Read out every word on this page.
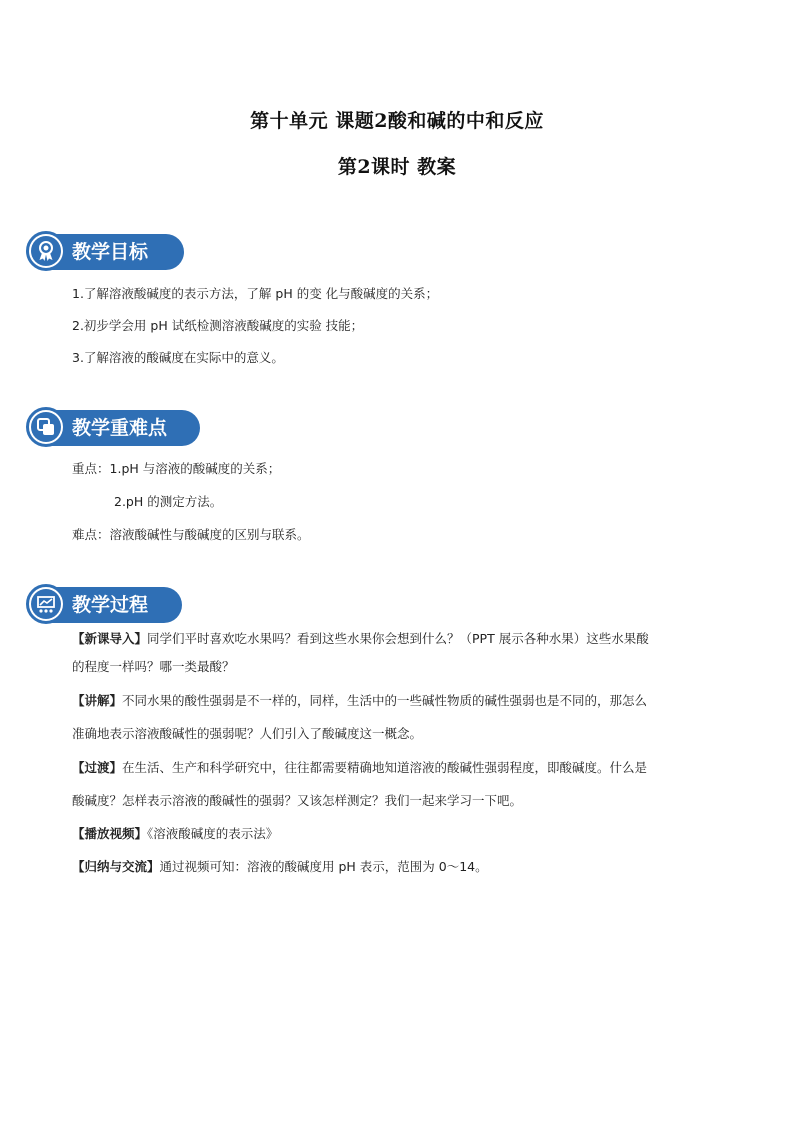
第十单元 课题2酸和碱的中和反应
第2课时 教案
教学目标
1.了解溶液酸碱度的表示方法，了解 pH 的变 化与酸碱度的关系；
2.初步学会用 pH 试纸检测溶液酸碱度的实验 技能；
3.了解溶液的酸碱度在实际中的意义。
教学重难点
重点：1.pH 与溶液的酸碱度的关系；
2.pH 的测定方法。
难点：溶液酸碱性与酸碱度的区别与联系。
教学过程
【新课导入】同学们平时喜欢吃水果吗？看到这些水果你会想到什么？（PPT 展示各种水果）这些水果酸
的程度一样吗？哪一类最酸？
【讲解】不同水果的酸性强弱是不一样的，同样，生活中的一些碱性物质的碱性强弱也是不同的，那怎么
准确地表示溶液酸碱性的强弱呢？人们引入了酸碱度这一概念。
【过渡】在生活、生产和科学研究中，往往都需要精确地知道溶液的酸碱性强弱程度，即酸碱度。什么是
酸碱度？怎样表示溶液的酸碱性的强弱？又该怎样测定？我们一起来学习一下吧。
【播放视频】《溶液酸碱度的表示法》
【归纳与交流】通过视频可知：溶液的酸碱度用 pH 表示，范围为 0～14。
